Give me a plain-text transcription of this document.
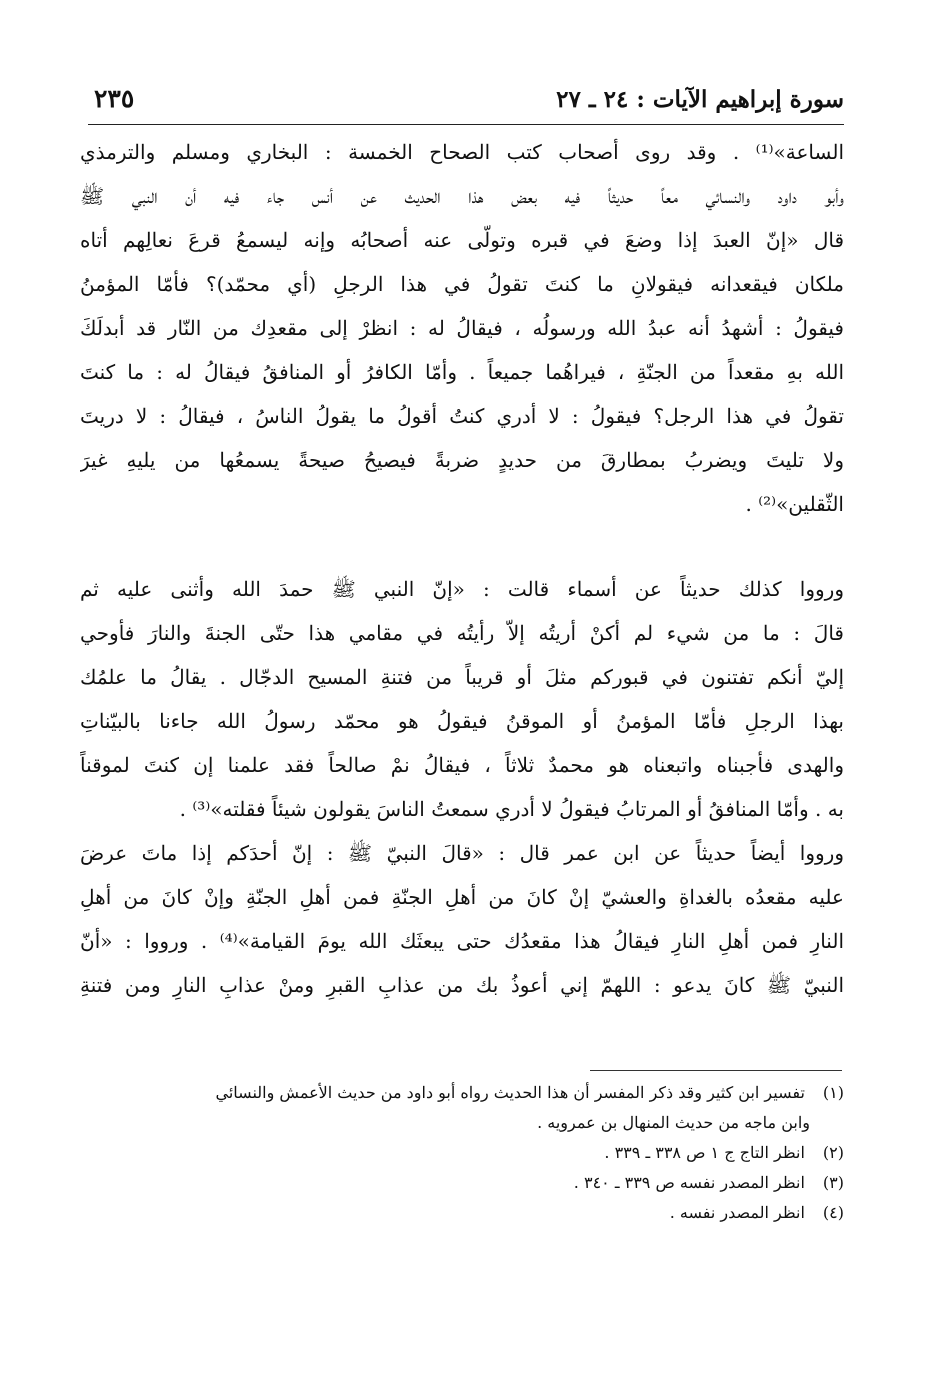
سورة إبراهيم الآيات : ٢٤ ـ ٢٧
٢٣٥
الساعة»⁽¹⁾ . وقد روى أصحاب كتب الصحاح الخمسة : البخاري ومسلم والترمذي
وأبو داود والنسائي معاً حديثاً فيه بعض هذا الحديث عن أنس جاء فيه أن النبي ﷺ
قال «إنّ العبدَ إذا وضعَ في قبره وتولّى عنه أصحابُه وإنه ليسمعُ قرعَ نعالِهم أتاه
ملكان فيقعدانه فيقولانِ ما كنتَ تقولُ في هذا الرجلِ (أي محمّد)؟ فأمّا المؤمنُ
فيقولُ : أشهدُ أنه عبدُ الله ورسولُه ، فيقالُ له : انظرْ إلى مقعدِك من النّار قد أبدلَكَ
الله بهِ مقعداً من الجنّةِ ، فيراهُما جميعاً . وأمّا الكافرُ أو المنافقُ فيقالُ له : ما كنتَ
تقولُ في هذا الرجل؟ فيقولُ : لا أدري كنتُ أقولُ ما يقولُ الناسُ ، فيقالُ : لا دريتَ
ولا تليتَ ويضربُ بمطارقَ من حديدٍ ضربةً فيصيحُ صيحةً يسمعُها من يليهِ غيرَ
الثّقلين»⁽²⁾ .
ورووا كذلك حديثاً عن أسماء قالت : «إنّ النبي ﷺ حمدَ الله وأثنى عليه ثم
قالَ : ما من شيء لم أكنْ أريتُه إلاّ رأيتُه في مقامي هذا حتّى الجنةَ والنارَ فأوحي
إليّ أنكم تفتنون في قبوركم مثلَ أو قريباً من فتنةِ المسيح الدجّال . يقالُ ما علمُك
بهذا الرجلِ فأمّا المؤمنُ أو الموقنُ فيقولُ هو محمّد رسولُ الله جاءنا بالبيّناتِ
والهدى فأجبناه واتبعناه هو محمدٌ ثلاثاً ، فيقالُ نمْ صالحاً فقد علمنا إن كنتَ لموقناً
به . وأمّا المنافقُ أو المرتابُ فيقولُ لا أدري سمعتُ الناسَ يقولون شيئاً فقلته»⁽³⁾ .
ورووا أيضاً حديثاً عن ابن عمر قال : «قالَ النبيّ ﷺ : إنّ أحدَكم إذا ماتَ عرضَ
عليه مقعدُه بالغداةِ والعشيّ إنْ كانَ من أهلِ الجنّةِ فمن أهلِ الجنّةِ وإنْ كانَ من أهلِ
النارِ فمن أهلِ النارِ فيقالُ هذا مقعدُك حتى يبعثَك الله يومَ القيامة»⁽⁴⁾ . ورووا : «أنّ
النبيّ ﷺ كانَ يدعو : اللهمّ إني أعوذُ بك من عذابِ القبرِ ومنْ عذابِ النارِ ومن فتنةِ
(١) تفسير ابن كثير وقد ذكر المفسر أن هذا الحديث رواه أبو داود من حديث الأعمش والنسائي
وابن ماجه من حديث المنهال بن عمرويه .
(٢) انظر التاج ج ١ ص ٣٣٨ ـ ٣٣٩ .
(٣) انظر المصدر نفسه ص ٣٣٩ ـ ٣٤٠ .
(٤) انظر المصدر نفسه .
